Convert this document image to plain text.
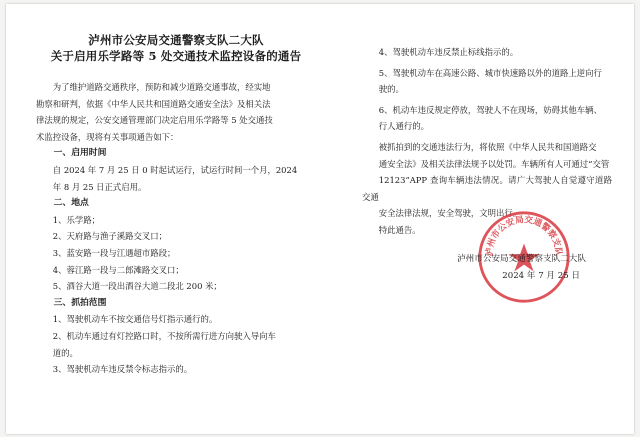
泸州市公安局交通警察支队二大队
关于启用乐学路等 5 处交通技术监控设备的通告
为了维护道路交通秩序，预防和减少道路交通事故，经实地
勘察和研判，依据《中华人民共和国道路交通安全法》及相关法
律法规的规定，公安交通管理部门决定启用乐学路等 5 处交通技
术监控设备，现将有关事项通告如下：
一、启用时间
自 2024 年 7 月 25 日 0 时起试运行，试运行时间一个月，2024
年 8 月 25 日正式启用。
二、地点
1、乐学路；
2、天府路与渔子溪路交叉口；
3、蓝安路一段与江遇超市路段；
4、蓉江路一段与二郎滩路交叉口；
5、酒谷大道一段出酒谷大道二段北 200 米；
三、抓拍范围
1、驾驶机动车不按交通信号灯指示通行的。
2、机动车通过有灯控路口时，不按所需行进方向驶入导向车
道的。
3、驾驶机动车违反禁令标志指示的。
4、驾驶机动车违反禁止标线指示的。
5、驾驶机动车在高速公路、城市快速路以外的道路上逆向行
驶的。
6、机动车违反规定停放，驾驶人不在现场，妨碍其他车辆、
行人通行的。
被抓拍到的交通违法行为，将依照《中华人民共和国道路交
通安全法》及相关法律法规予以处罚。车辆所有人可通过“交管
12123”APP 查询车辆违法情况。请广大驾驶人自觉遵守道路交通
安全法律法规，安全驾驶，文明出行。
特此通告。
泸州市公安局交通警察支队
泸州市公安局交通警察支队二大队
2024 年 7 月 25 日
